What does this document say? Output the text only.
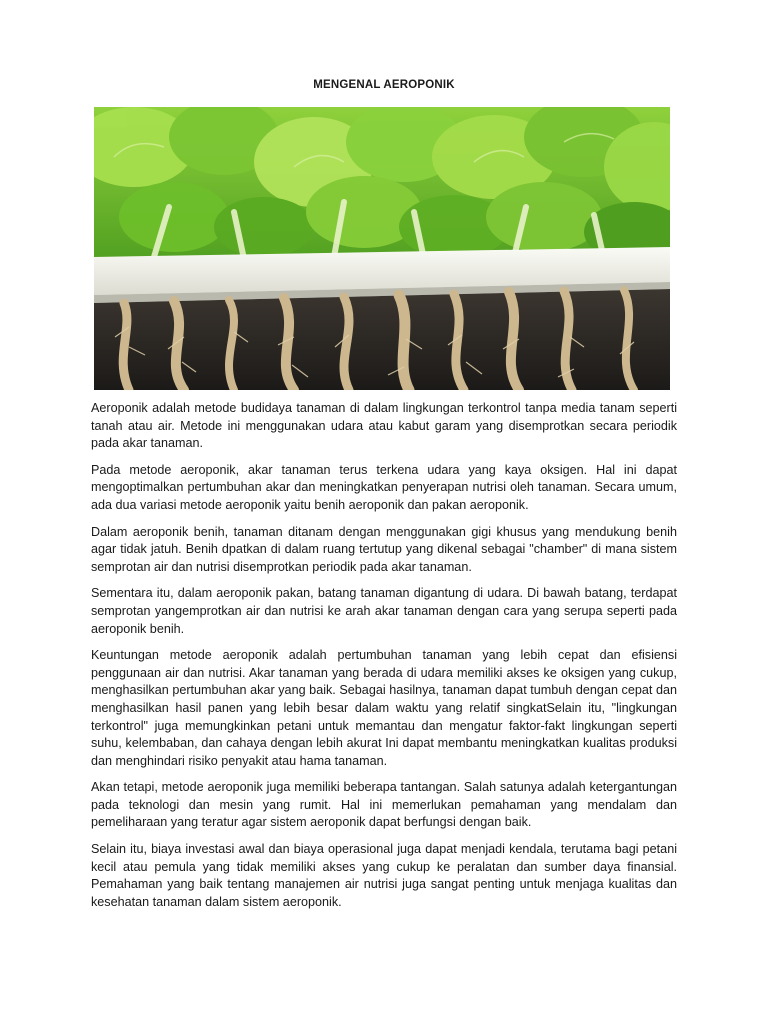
MENGENAL AEROPONIK

Aeroponik adalah metode budidaya tanaman di dalam lingkungan terkontrol tanpa media tanam seperti tanah atau air. Metode ini menggunakan udara atau kabut garam yang disemprotkan secara periodik pada akar tanaman.

Pada metode aeroponik, akar tanaman terus terkena udara yang kaya oksigen. Hal ini dapat mengoptimalkan pertumbuhan akar dan meningkatkan penyerapan nutrisi oleh tanaman. Secara umum, ada dua variasi metode aeroponik yaitu benih aeroponik dan pakan aeroponik.

Dalam aeroponik benih, tanaman ditanam dengan menggunakan gigi khusus yang mendukung benih agar tidak jatuh. Benih dpatkan di dalam ruang tertutup yang dikenal sebagai "chamber" di mana sistem semprotan air dan nutrisi disemprotkan periodik pada akar tanaman.

Sementara itu, dalam aeroponik pakan, batang tanaman digantung di udara. Di bawah batang, terdapat semprotan yangemprotkan air dan nutrisi ke arah akar tanaman dengan cara yang serupa seperti pada aeroponik benih.

Keuntungan metode aeroponik adalah pertumbuhan tanaman yang lebih cepat dan efisiensi penggunaan air dan nutrisi. Akar tanaman yang berada di udara memiliki akses ke oksigen yang cukup, menghasilkan pertumbuhan akar yang baik. Sebagai hasilnya, tanaman dapat tumbuh dengan cepat dan menghasilkan hasil panen yang lebih besar dalam waktu yang relatif singkatSelain itu, "lingkungan terkontrol" juga memungkinkan petani untuk memantau dan mengatur faktor-fakt lingkungan seperti suhu, kelembaban, dan cahaya dengan lebih akurat Ini dapat membantu meningkatkan kualitas produksi dan menghindari risiko penyakit atau hama tanaman.

Akan tetapi, metode aeroponik juga memiliki beberapa tantangan. Salah satunya adalah ketergantungan pada teknologi dan mesin yang rumit. Hal ini memerlukan pemahaman yang mendalam dan pemeliharaan yang teratur agar sistem aeroponik dapat berfungsi dengan baik.

Selain itu, biaya investasi awal dan biaya operasional juga dapat menjadi kendala, terutama bagi petani kecil atau pemula yang tidak memiliki akses yang cukup ke peralatan dan sumber daya finansial. Pemahaman yang baik tentang manajemen air nutrisi juga sangat penting untuk menjaga kualitas dan kesehatan tanaman dalam sistem aeroponik.
